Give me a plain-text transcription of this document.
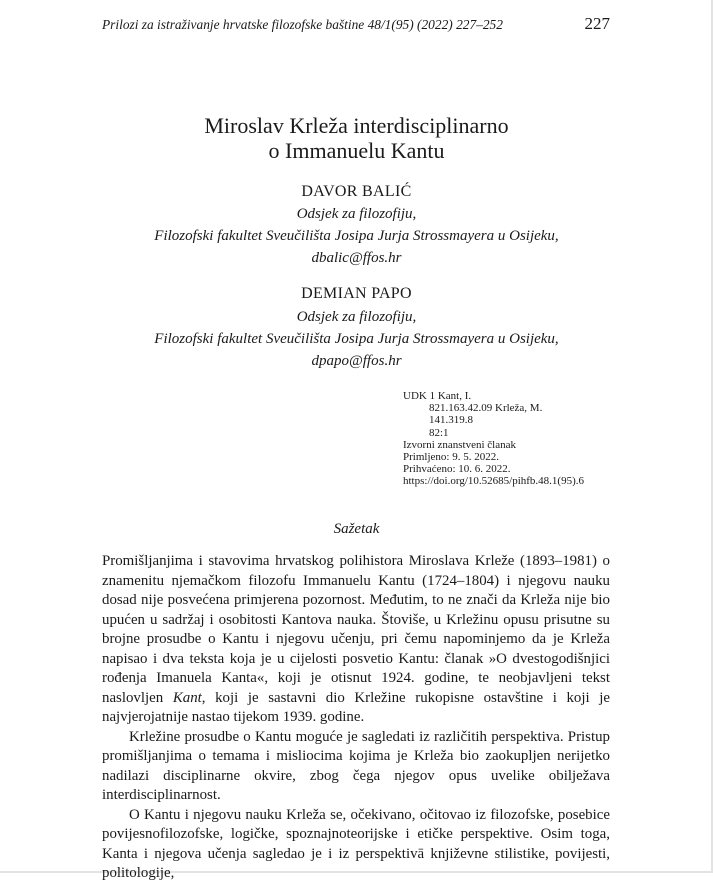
Prilozi za istraživanje hrvatske filozofske baštine 48/1(95) (2022) 227–252	227
Miroslav Krleža interdisciplinarno
o Immanuelu Kantu
DAVOR BALIĆ
Odsjek za filozofiju,
Filozofski fakultet Sveučilišta Josipa Jurja Strossmayera u Osijeku,
dbalic@ffos.hr
DEMIAN PAPO
Odsjek za filozofiju,
Filozofski fakultet Sveučilišta Josipa Jurja Strossmayera u Osijeku,
dpapo@ffos.hr
UDK 1 Kant, I.
821.163.42.09 Krleža, M.
141.319.8
82:1
Izvorni znanstveni članak
Primljeno: 9. 5. 2022.
Prihvaćeno: 10. 6. 2022.
https://doi.org/10.52685/pihfb.48.1(95).6
Sažetak

Promišljanjima i stavovima hrvatskog polihistora Miroslava Krleže (1893–1981) o znamenitu njemačkom filozofu Immanuelu Kantu (1724–1804) i njegovu nauku dosad nije posvećena primjerena pozornost. Međutim, to ne znači da Krleža nije bio upućen u sadržaj i osobitosti Kantova nauka. Štoviše, u Krležinu opusu prisutne su brojne prosudbe o Kantu i njegovu učenju, pri čemu napominjemo da je Krleža napisao i dva teksta koja je u cijelosti posvetio Kantu: članak »O dvestogodišnjici rođenja Imanuela Kanta«, koji je otisnut 1924. godine, te neobjavljeni tekst naslovljen Kant, koji je sastavni dio Krležine rukopisne ostavštine i koji je najvjerojatnije nastao tijekom 1939. godine.

Krležine prosudbe o Kantu moguće je sagledati iz različitih perspektiva. Pristup promišljanjima o temama i misliocima kojima je Krleža bio zaokupljen nerijetko nadilazi disciplinarne okvire, zbog čega njegov opus uvelike obilježava interdisciplinarnost.

O Kantu i njegovu nauku Krleža se, očekivano, očitovao iz filozofske, posebice povijesnofilozofske, logičke, spoznajnoteorijske i etičke perspektive. Osim toga, Kanta i njegova učenja sagledao je i iz perspektivā književne stilistike, povijesti, politologije,
